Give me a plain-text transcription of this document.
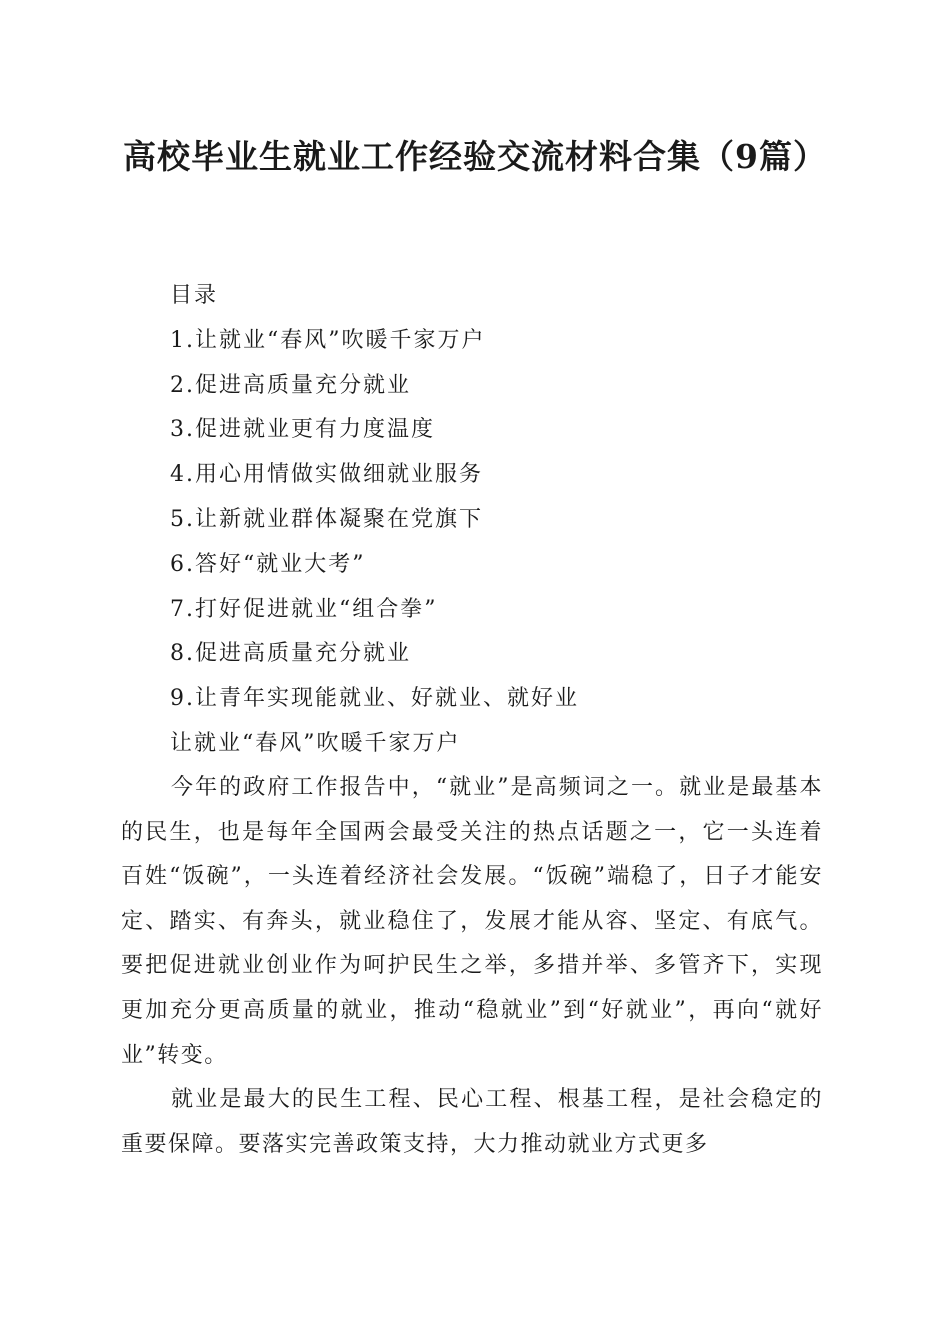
高校毕业生就业工作经验交流材料合集（9篇）
目录
1.让就业“春风”吹暖千家万户
2.促进高质量充分就业
3.促进就业更有力度温度
4.用心用情做实做细就业服务
5.让新就业群体凝聚在党旗下
6.答好“就业大考”
7.打好促进就业“组合拳”
8.促进高质量充分就业
9.让青年实现能就业、好就业、就好业
让就业“春风”吹暖千家万户

今年的政府工作报告中，“就业”是高频词之一。就业是最基本的民生，也是每年全国两会最受关注的热点话题之一，它一头连着百姓“饭碗”，一头连着经济社会发展。“饭碗”端稳了，日子才能安定、踏实、有奔头，就业稳住了，发展才能从容、坚定、有底气。要把促进就业创业作为呵护民生之举，多措并举、多管齐下，实现更加充分更高质量的就业，推动“稳就业”到“好就业”，再向“就好业”转变。

就业是最大的民生工程、民心工程、根基工程，是社会稳定的重要保障。要落实完善政策支持，大力推动就业方式更多
